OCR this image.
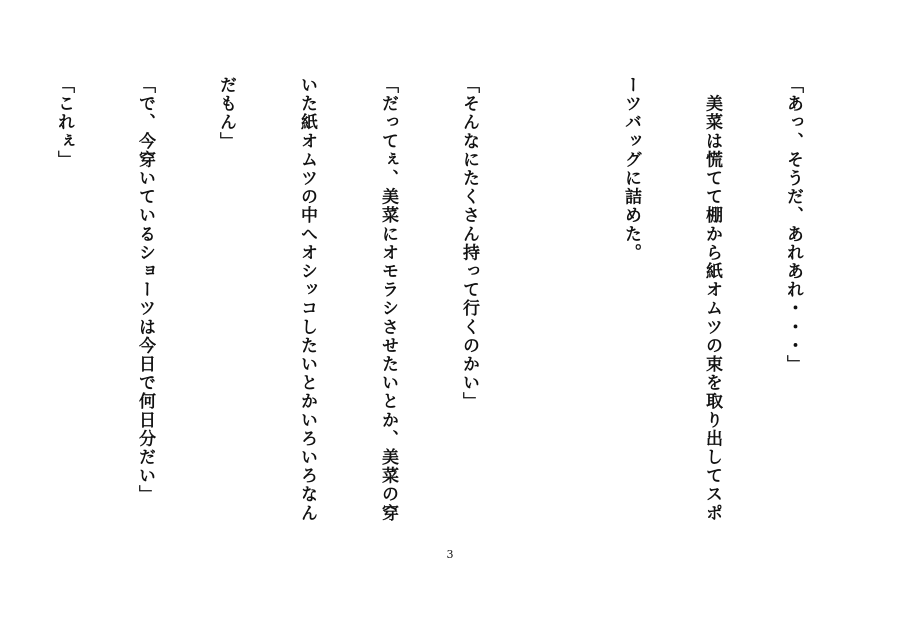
「あっ、そうだ、あれあれ・・・」

　美菜は慌てて棚から紙オムツの束を取り出してスポ

ーツバッグに詰めた。

「そんなにたくさん持って行くのかい」

「だってぇ、美菜にオモラシさせたいとか、美菜の穿

いた紙オムツの中へオシッコしたいとかいろいろなん

だもん」

「で、今穿いているショーツは今日で何日分だい」

「これぇ」

3
